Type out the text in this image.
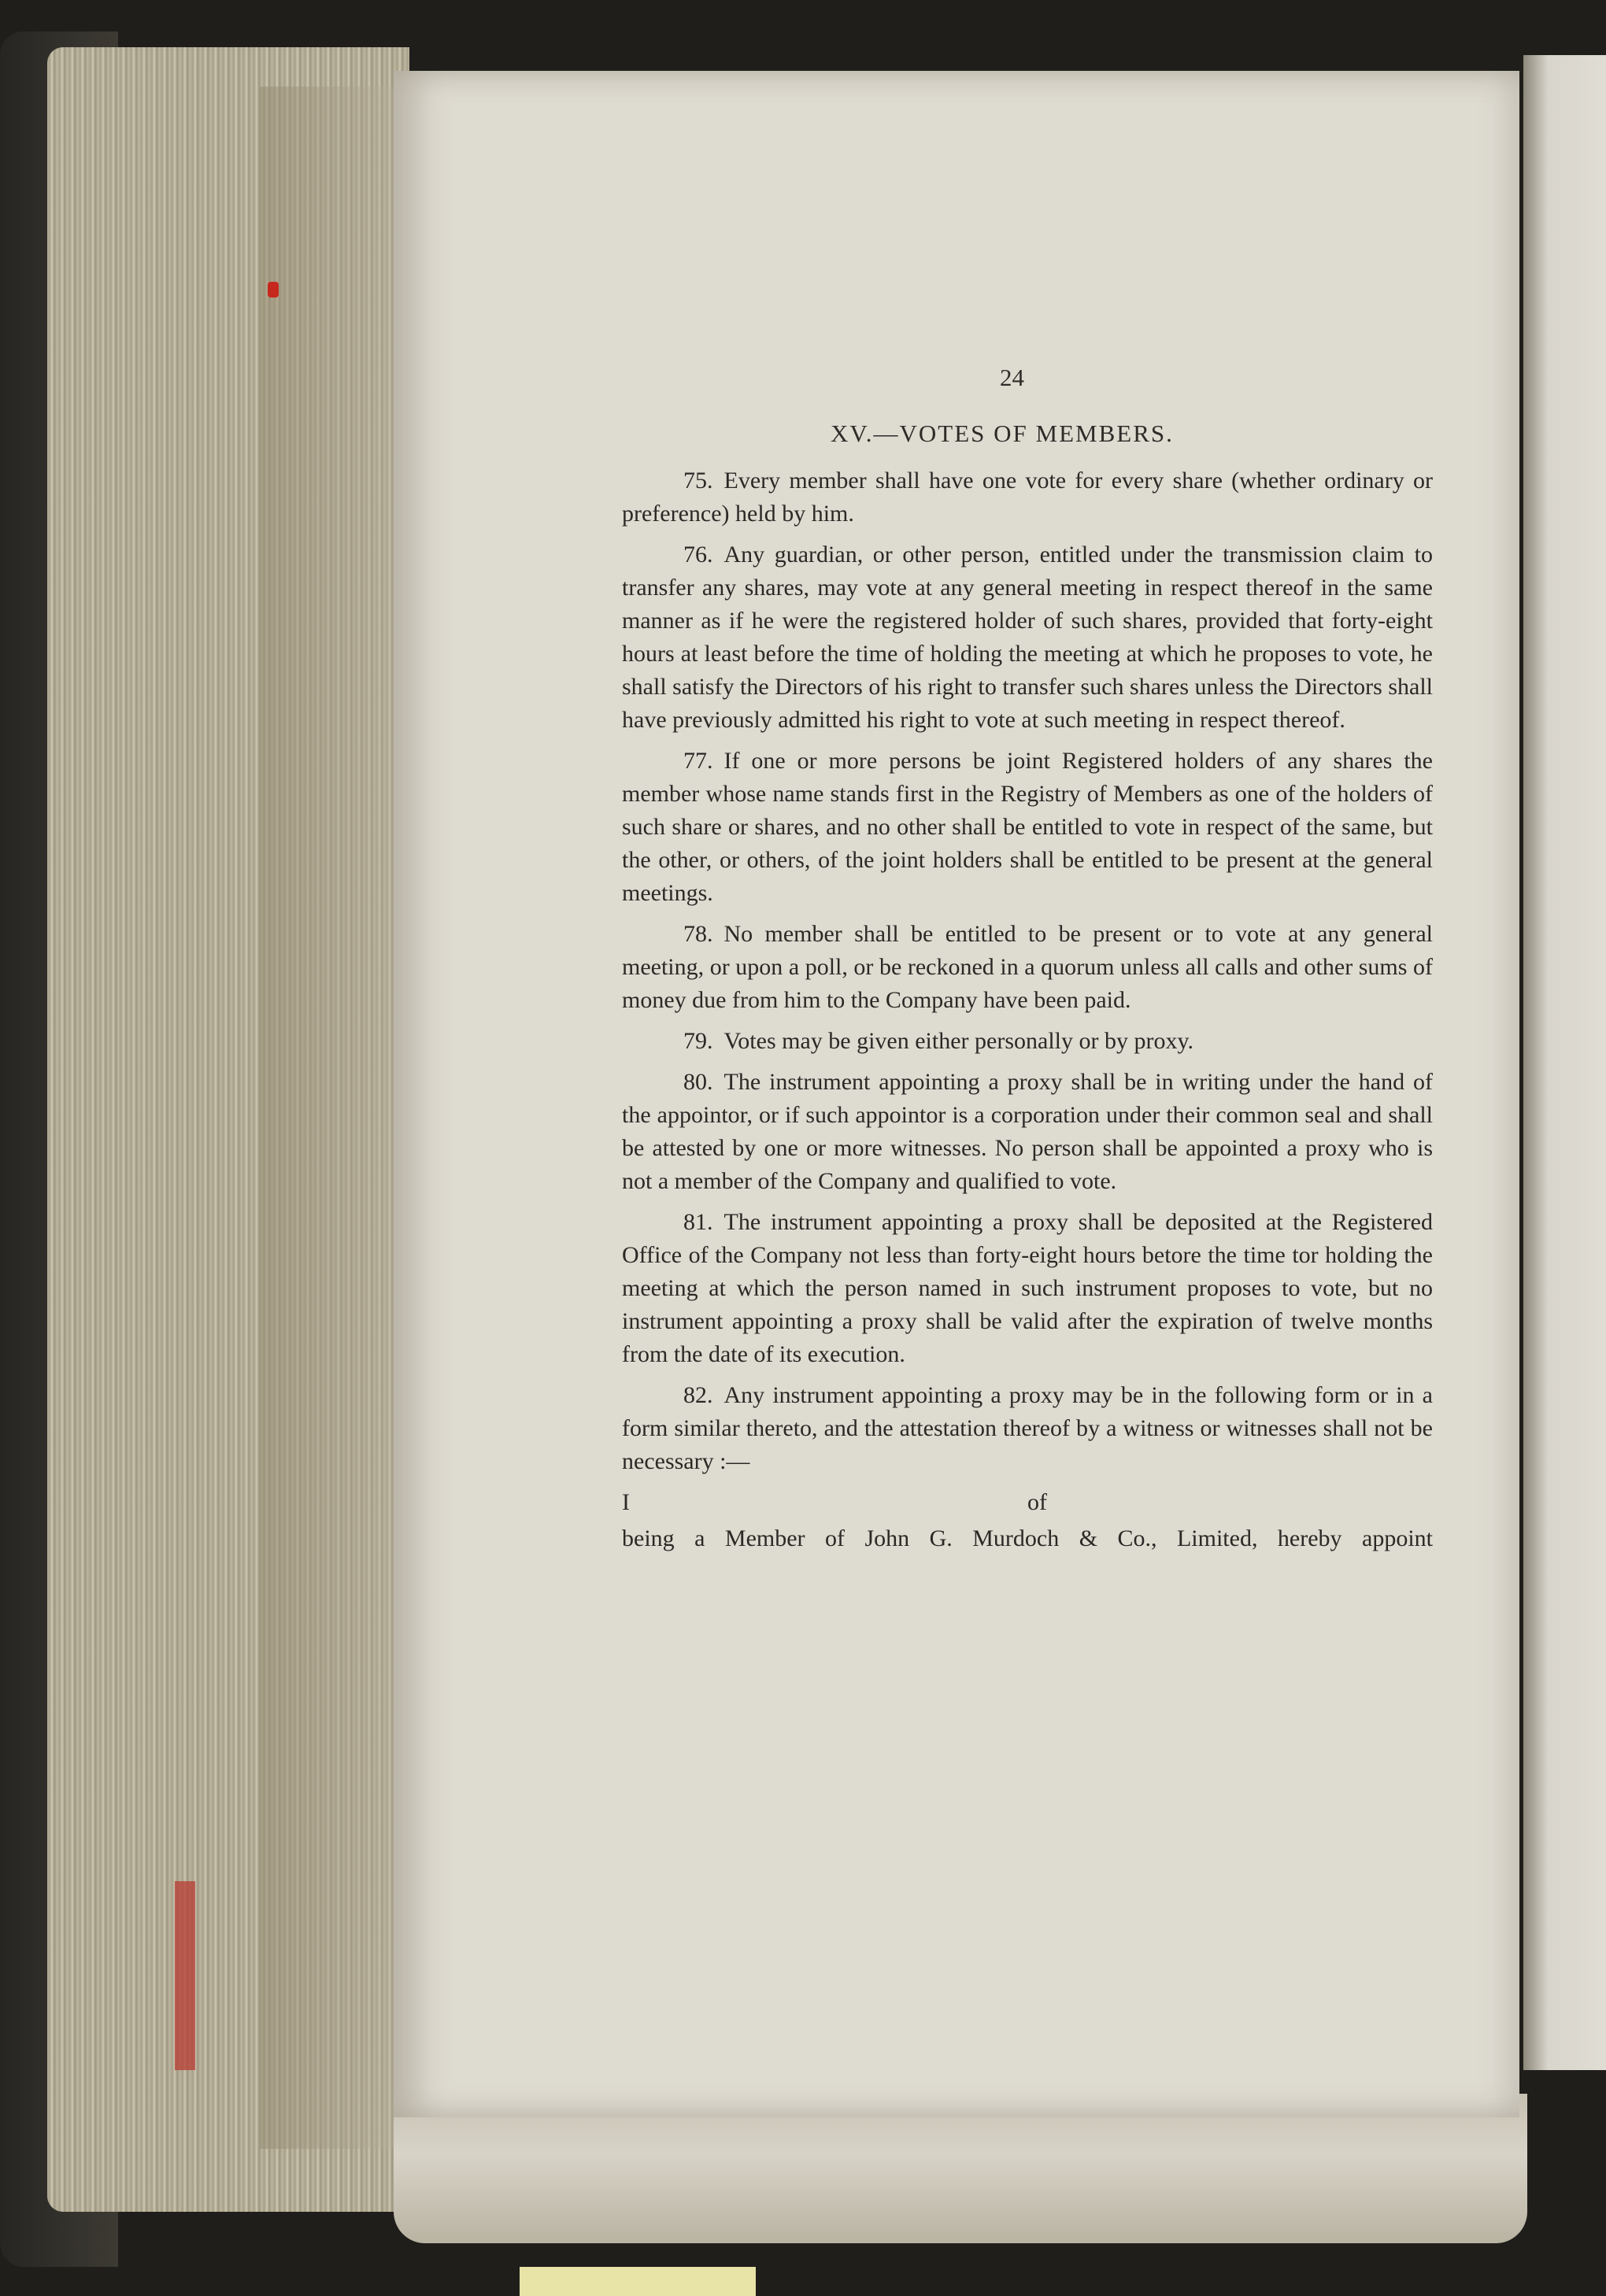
24
XV.—VOTES OF MEMBERS.

75. Every member shall have one vote for every share (whether ordinary or preference) held by him.

76. Any guardian, or other person, entitled under the transmission claim to transfer any shares, may vote at any general meeting in respect thereof in the same manner as if he were the registered holder of such shares, provided that forty-eight hours at least before the time of holding the meeting at which he proposes to vote, he shall satisfy the Directors of his right to transfer such shares unless the Directors shall have previously admitted his right to vote at such meeting in respect thereof.

77. If one or more persons be joint Registered holders of any shares the member whose name stands first in the Registry of Members as one of the holders of such share or shares, and no other shall be entitled to vote in respect of the same, but the other, or others, of the joint holders shall be entitled to be present at the general meetings.

78. No member shall be entitled to be present or to vote at any general meeting, or upon a poll, or be reckoned in a quorum unless all calls and other sums of money due from him to the Company have been paid.

79. Votes may be given either personally or by proxy.

80. The instrument appointing a proxy shall be in writing under the hand of the appointor, or if such appointor is a corporation under their common seal and shall be attested by one or more witnesses. No person shall be appointed a proxy who is not a member of the Company and qualified to vote.

81. The instrument appointing a proxy shall be deposited at the Registered Office of the Company not less than forty-eight hours betore the time tor holding the meeting at which the person named in such instrument proposes to vote, but no instrument appointing a proxy shall be valid after the expiration of twelve months from the date of its execution.

82. Any instrument appointing a proxy may be in the following form or in a form similar thereto, and the attestation thereof by a witness or witnesses shall not be necessary :—

I	of
being a Member of John G. Murdoch & Co., Limited, hereby appoint
